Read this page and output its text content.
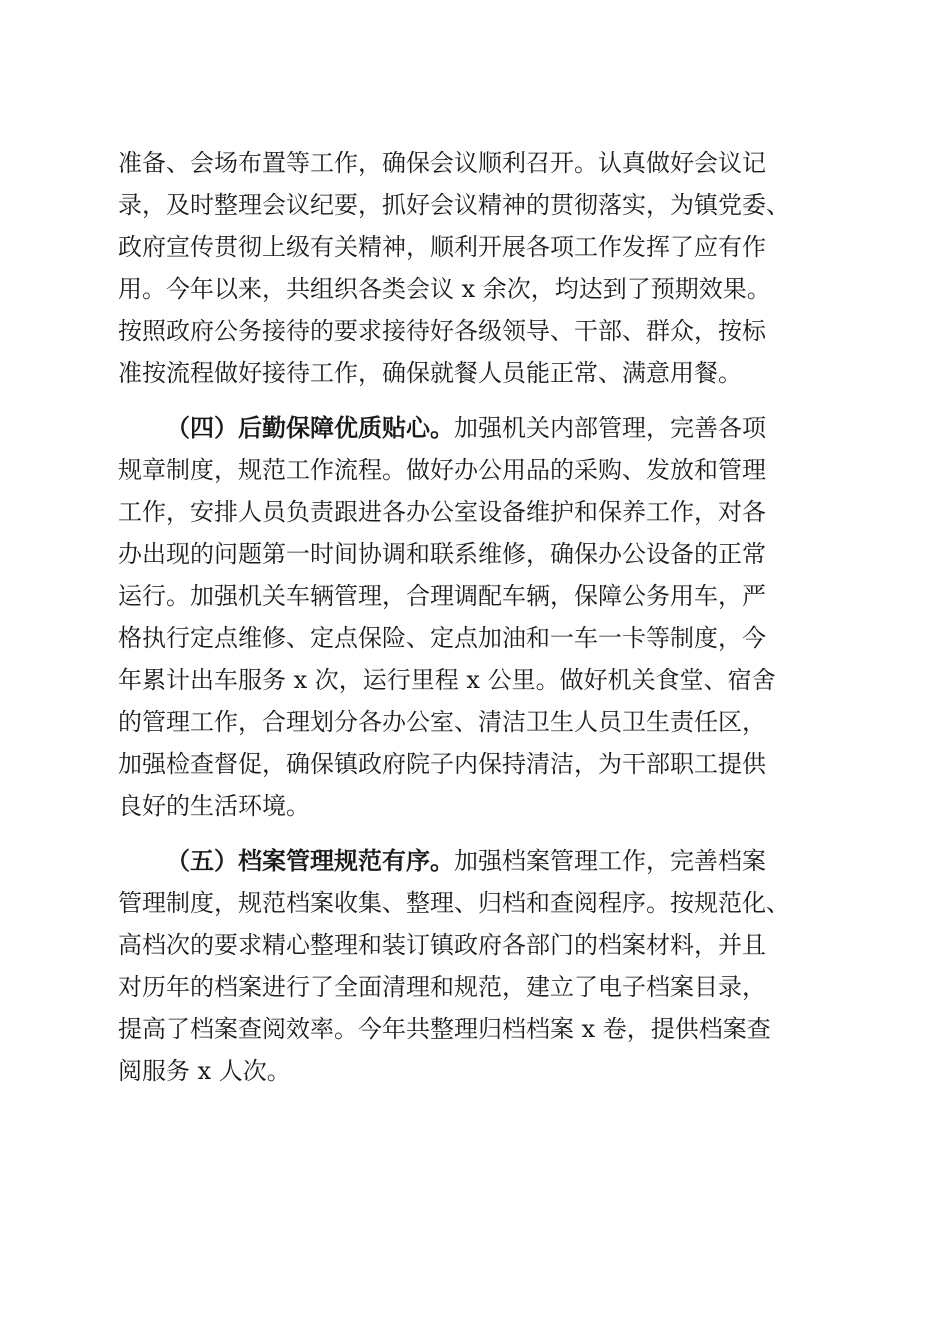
准备、会场布置等工作，确保会议顺利召开。认真做好会议记
录，及时整理会议纪要，抓好会议精神的贯彻落实，为镇党委、
政府宣传贯彻上级有关精神，顺利开展各项工作发挥了应有作
用。今年以来，共组织各类会议 x 余次，均达到了预期效果。
按照政府公务接待的要求接待好各级领导、干部、群众，按标
准按流程做好接待工作，确保就餐人员能正常、满意用餐。
（四）后勤保障优质贴心。加强机关内部管理，完善各项
规章制度，规范工作流程。做好办公用品的采购、发放和管理
工作，安排人员负责跟进各办公室设备维护和保养工作，对各
办出现的问题第一时间协调和联系维修，确保办公设备的正常
运行。加强机关车辆管理，合理调配车辆，保障公务用车，严
格执行定点维修、定点保险、定点加油和一车一卡等制度，今
年累计出车服务 x 次，运行里程 x 公里。做好机关食堂、宿舍
的管理工作，合理划分各办公室、清洁卫生人员卫生责任区，
加强检查督促，确保镇政府院子内保持清洁，为干部职工提供
良好的生活环境。
（五）档案管理规范有序。加强档案管理工作，完善档案
管理制度，规范档案收集、整理、归档和查阅程序。按规范化、
高档次的要求精心整理和装订镇政府各部门的档案材料，并且
对历年的档案进行了全面清理和规范，建立了电子档案目录，
提高了档案查阅效率。今年共整理归档档案 x 卷，提供档案查
阅服务 x 人次。
